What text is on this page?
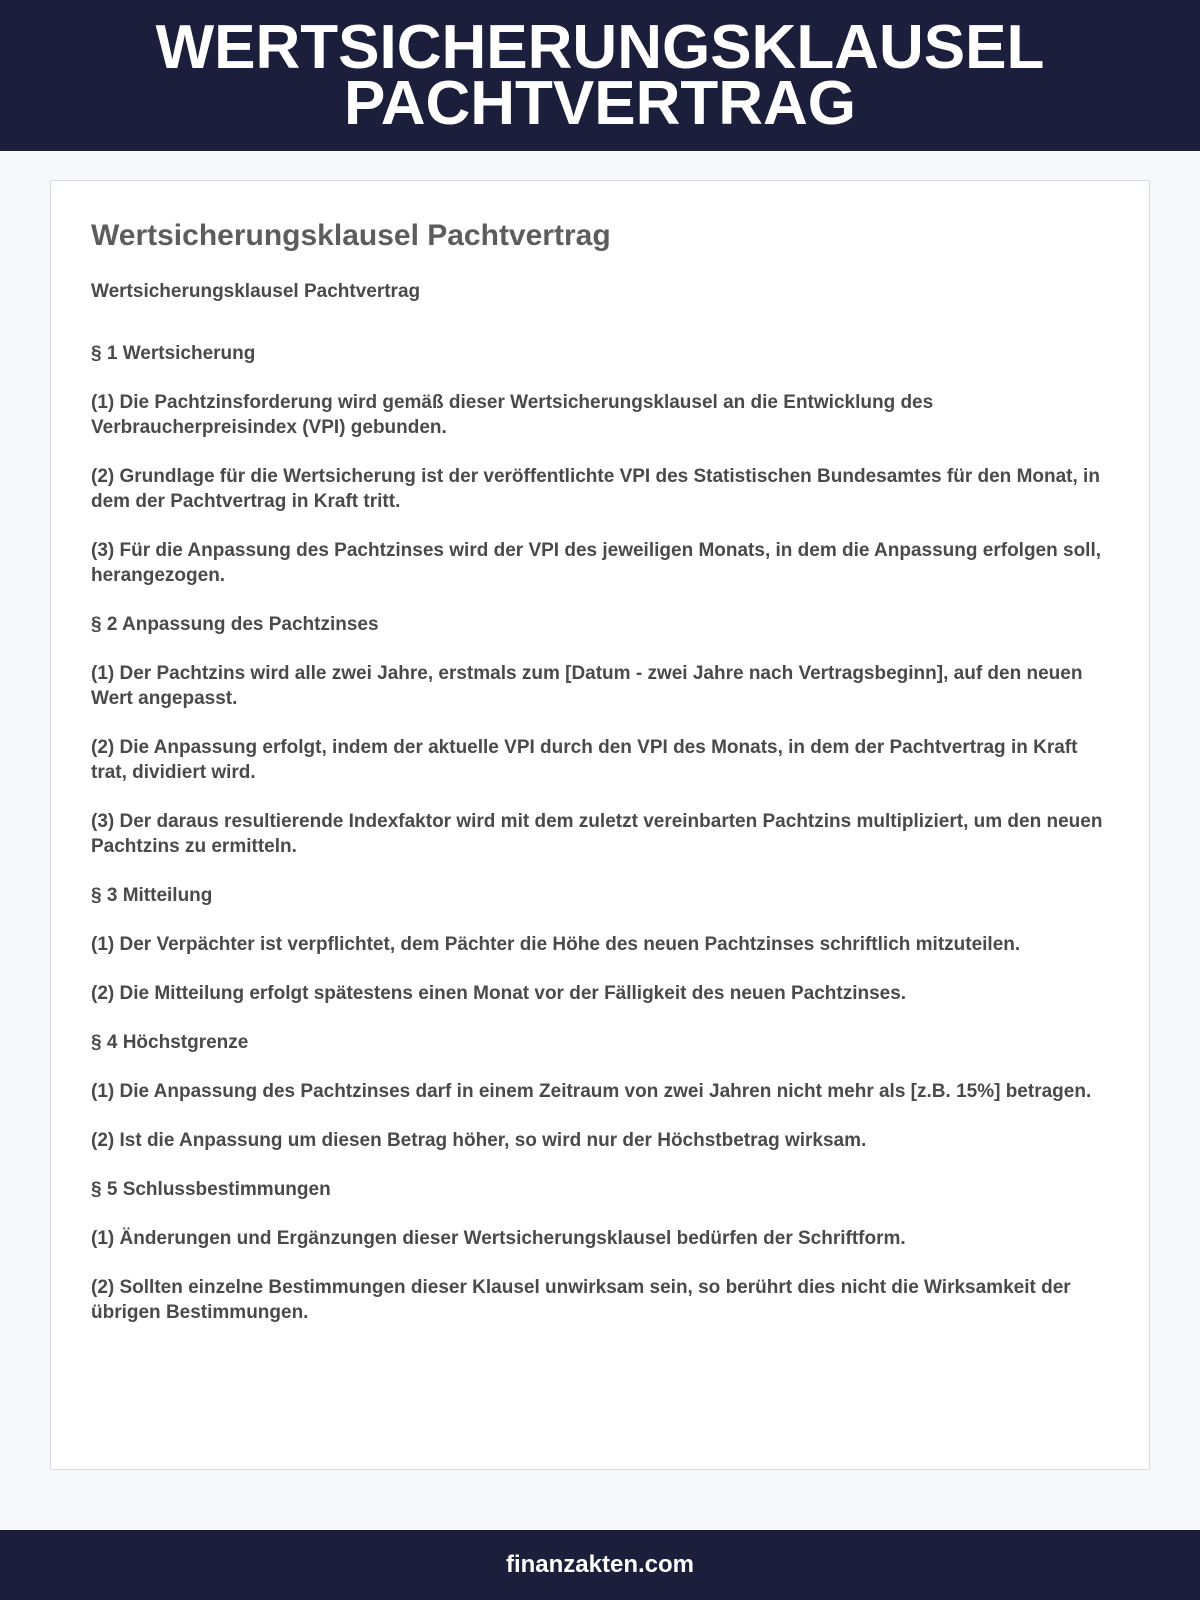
WERTSICHERUNGSKLAUSEL
PACHTVERTRAG
Wertsicherungsklausel Pachtvertrag
Wertsicherungsklausel Pachtvertrag
§ 1 Wertsicherung

(1) Die Pachtzinsforderung wird gemäß dieser Wertsicherungsklausel an die Entwicklung des Verbraucherpreisindex (VPI) gebunden.

(2) Grundlage für die Wertsicherung ist der veröffentlichte VPI des Statistischen Bundesamtes für den Monat, in dem der Pachtvertrag in Kraft tritt.

(3) Für die Anpassung des Pachtzinses wird der VPI des jeweiligen Monats, in dem die Anpassung erfolgen soll, herangezogen.

§ 2 Anpassung des Pachtzinses

(1) Der Pachtzins wird alle zwei Jahre, erstmals zum [Datum - zwei Jahre nach Vertragsbeginn], auf den neuen Wert angepasst.

(2) Die Anpassung erfolgt, indem der aktuelle VPI durch den VPI des Monats, in dem der Pachtvertrag in Kraft trat, dividiert wird.

(3) Der daraus resultierende Indexfaktor wird mit dem zuletzt vereinbarten Pachtzins multipliziert, um den neuen Pachtzins zu ermitteln.

§ 3 Mitteilung

(1) Der Verpächter ist verpflichtet, dem Pächter die Höhe des neuen Pachtzinses schriftlich mitzuteilen.

(2) Die Mitteilung erfolgt spätestens einen Monat vor der Fälligkeit des neuen Pachtzinses.

§ 4 Höchstgrenze

(1) Die Anpassung des Pachtzinses darf in einem Zeitraum von zwei Jahren nicht mehr als [z.B. 15%] betragen.

(2) Ist die Anpassung um diesen Betrag höher, so wird nur der Höchstbetrag wirksam.

§ 5 Schlussbestimmungen

(1) Änderungen und Ergänzungen dieser Wertsicherungsklausel bedürfen der Schriftform.

(2) Sollten einzelne Bestimmungen dieser Klausel unwirksam sein, so berührt dies nicht die Wirksamkeit der übrigen Bestimmungen.

finanzakten.com
